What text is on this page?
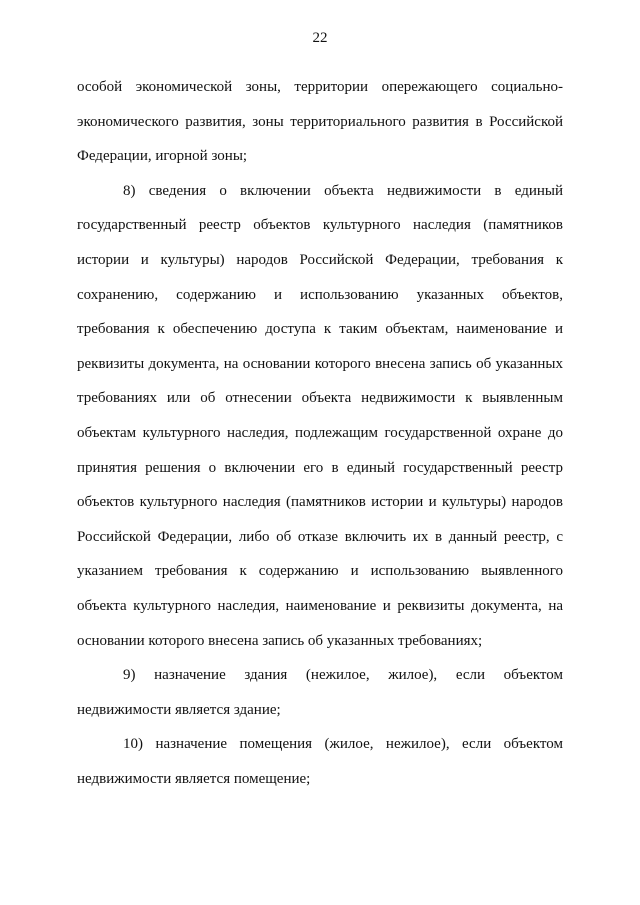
22

особой экономической зоны, территории опережающего социально-экономического развития, зоны территориального развития в Российской Федерации, игорной зоны;

8) сведения о включении объекта недвижимости в единый государственный реестр объектов культурного наследия (памятников истории и культуры) народов Российской Федерации, требования к сохранению, содержанию и использованию указанных объектов, требования к обеспечению доступа к таким объектам, наименование и реквизиты документа, на основании которого внесена запись об указанных требованиях или об отнесении объекта недвижимости к выявленным объектам культурного наследия, подлежащим государственной охране до принятия решения о включении его в единый государственный реестр объектов культурного наследия (памятников истории и культуры) народов Российской Федерации, либо об отказе включить их в данный реестр, с указанием требования к содержанию и использованию выявленного объекта культурного наследия, наименование и реквизиты документа, на основании которого внесена запись об указанных требованиях;

9) назначение здания (нежилое, жилое), если объектом недвижимости является здание;

10) назначение помещения (жилое, нежилое), если объектом недвижимости является помещение;
